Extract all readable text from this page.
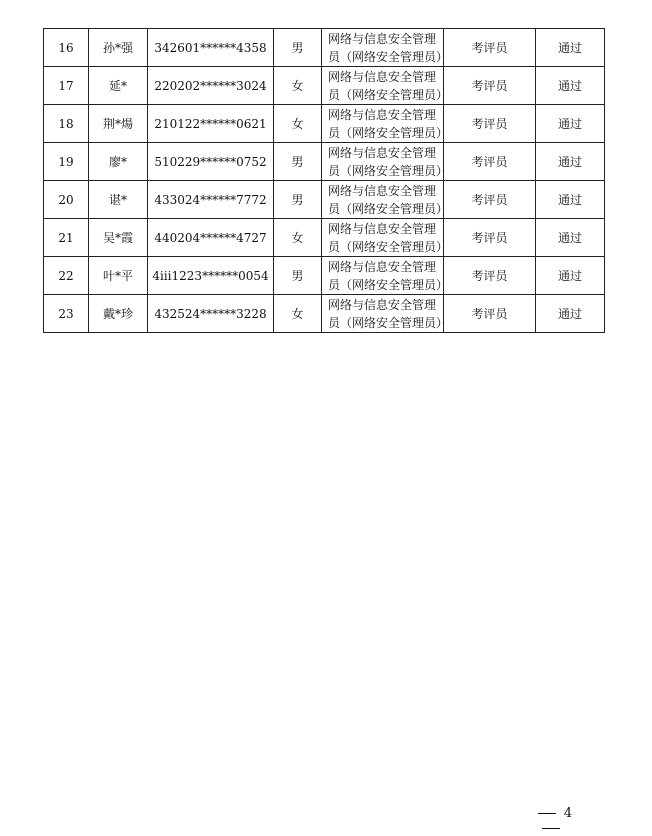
16	孙*强	342601******4358	男	网络与信息安全管理
员（网络安全管理员）	考评员	通过
17	延*	220202******3024	女	网络与信息安全管理
员（网络安全管理员）	考评员	通过
18	荆*煬	210122******0621	女	网络与信息安全管理
员（网络安全管理员）	考评员	通过
19	廖*	510229******0752	男	网络与信息安全管理
员（网络安全管理员）	考评员	通过
20	谌*	433024******7772	男	网络与信息安全管理
员（网络安全管理员）	考评员	通过
21	吴*霞	440204******4727	女	网络与信息安全管理
员（网络安全管理员）	考评员	通过
22	叶*平	4ⅲ1223******0054	男	网络与信息安全管理
员（网络安全管理员）	考评员	通过
23	戴*珍	432524******3228	女	网络与信息安全管理
员（网络安全管理员）	考评员	通过
4
